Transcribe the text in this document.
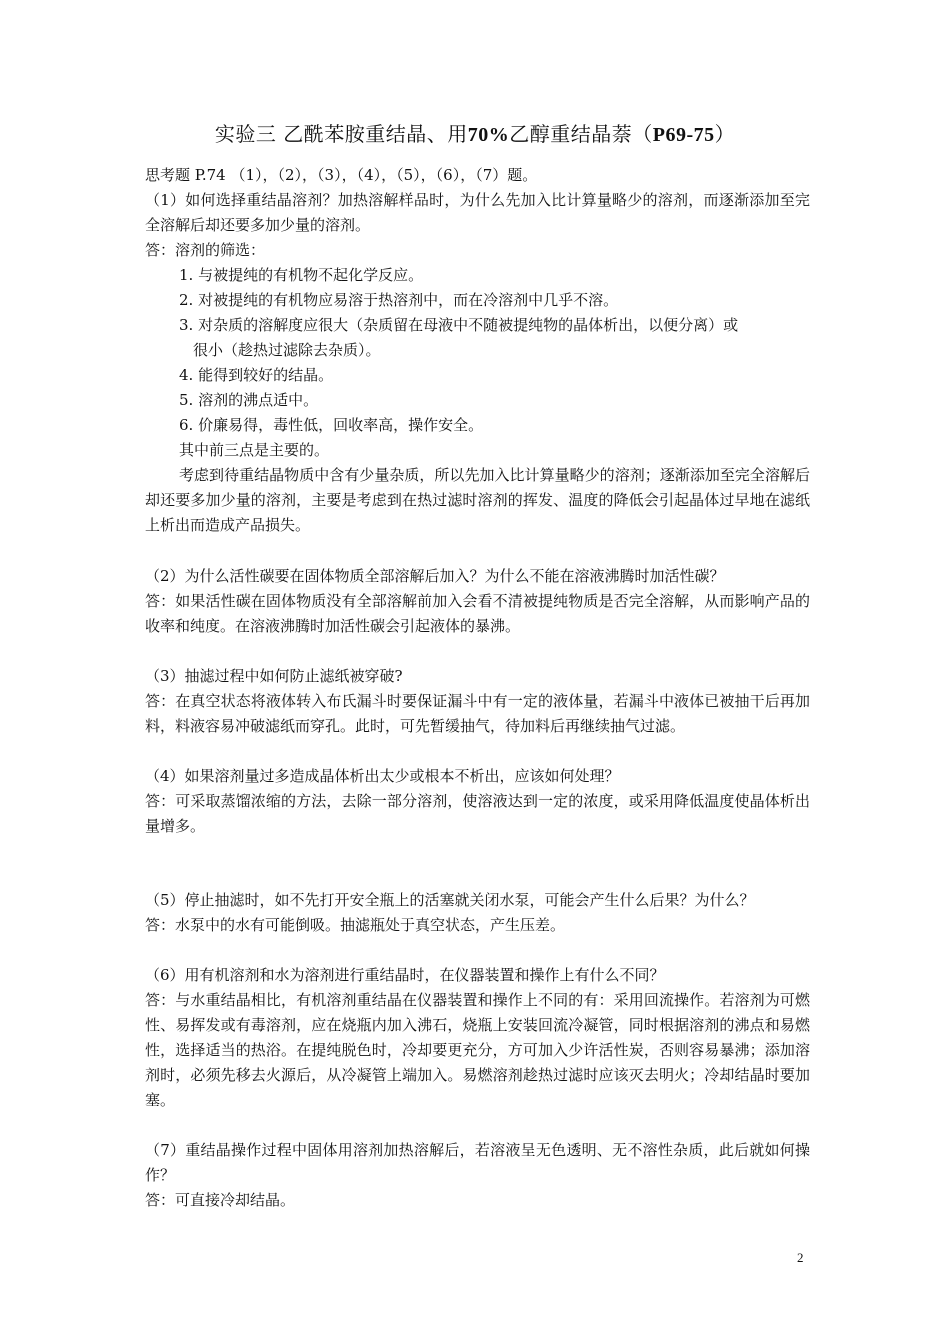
实验三 乙酰苯胺重结晶、用70%乙醇重结晶萘（P69-75）
思考题 P.74 （1），（2），（3），（4），（5），（6），（7）题。
（1）如何选择重结晶溶剂？加热溶解样品时，为什么先加入比计算量略少的溶剂，而逐渐添加至完全溶解后却还要多加少量的溶剂。
答：溶剂的筛选：
1. 与被提纯的有机物不起化学反应。
2. 对被提纯的有机物应易溶于热溶剂中，而在冷溶剂中几乎不溶。
3. 对杂质的溶解度应很大（杂质留在母液中不随被提纯物的晶体析出，以便分离）或
很小（趁热过滤除去杂质）。
4. 能得到较好的结晶。
5. 溶剂的沸点适中。
6. 价廉易得，毒性低，回收率高，操作安全。
其中前三点是主要的。
考虑到待重结晶物质中含有少量杂质，所以先加入比计算量略少的溶剂；逐渐添加至完全溶解后却还要多加少量的溶剂，主要是考虑到在热过滤时溶剂的挥发、温度的降低会引起晶体过早地在滤纸上析出而造成产品损失。
（2）为什么活性碳要在固体物质全部溶解后加入？为什么不能在溶液沸腾时加活性碳？
答：如果活性碳在固体物质没有全部溶解前加入会看不清被提纯物质是否完全溶解，从而影响产品的收率和纯度。在溶液沸腾时加活性碳会引起液体的暴沸。
（3）抽滤过程中如何防止滤纸被穿破?
答：在真空状态将液体转入布氏漏斗时要保证漏斗中有一定的液体量，若漏斗中液体已被抽干后再加料，料液容易冲破滤纸而穿孔。此时，可先暂缓抽气，待加料后再继续抽气过滤。
（4）如果溶剂量过多造成晶体析出太少或根本不析出，应该如何处理？
答：可采取蒸馏浓缩的方法，去除一部分溶剂，使溶液达到一定的浓度，或采用降低温度使晶体析出量增多。
（5）停止抽滤时，如不先打开安全瓶上的活塞就关闭水泵，可能会产生什么后果？为什么？
答：水泵中的水有可能倒吸。抽滤瓶处于真空状态，产生压差。
（6）用有机溶剂和水为溶剂进行重结晶时，在仪器装置和操作上有什么不同？
答：与水重结晶相比，有机溶剂重结晶在仪器装置和操作上不同的有：采用回流操作。若溶剂为可燃性、易挥发或有毒溶剂，应在烧瓶内加入沸石，烧瓶上安装回流冷凝管，同时根据溶剂的沸点和易燃性，选择适当的热浴。在提纯脱色时，冷却要更充分，方可加入少许活性炭，否则容易暴沸；添加溶剂时，必须先移去火源后，从冷凝管上端加入。易燃溶剂趁热过滤时应该灭去明火；冷却结晶时要加塞。
（7）重结晶操作过程中固体用溶剂加热溶解后，若溶液呈无色透明、无不溶性杂质，此后就如何操作？
答：可直接冷却结晶。
2
